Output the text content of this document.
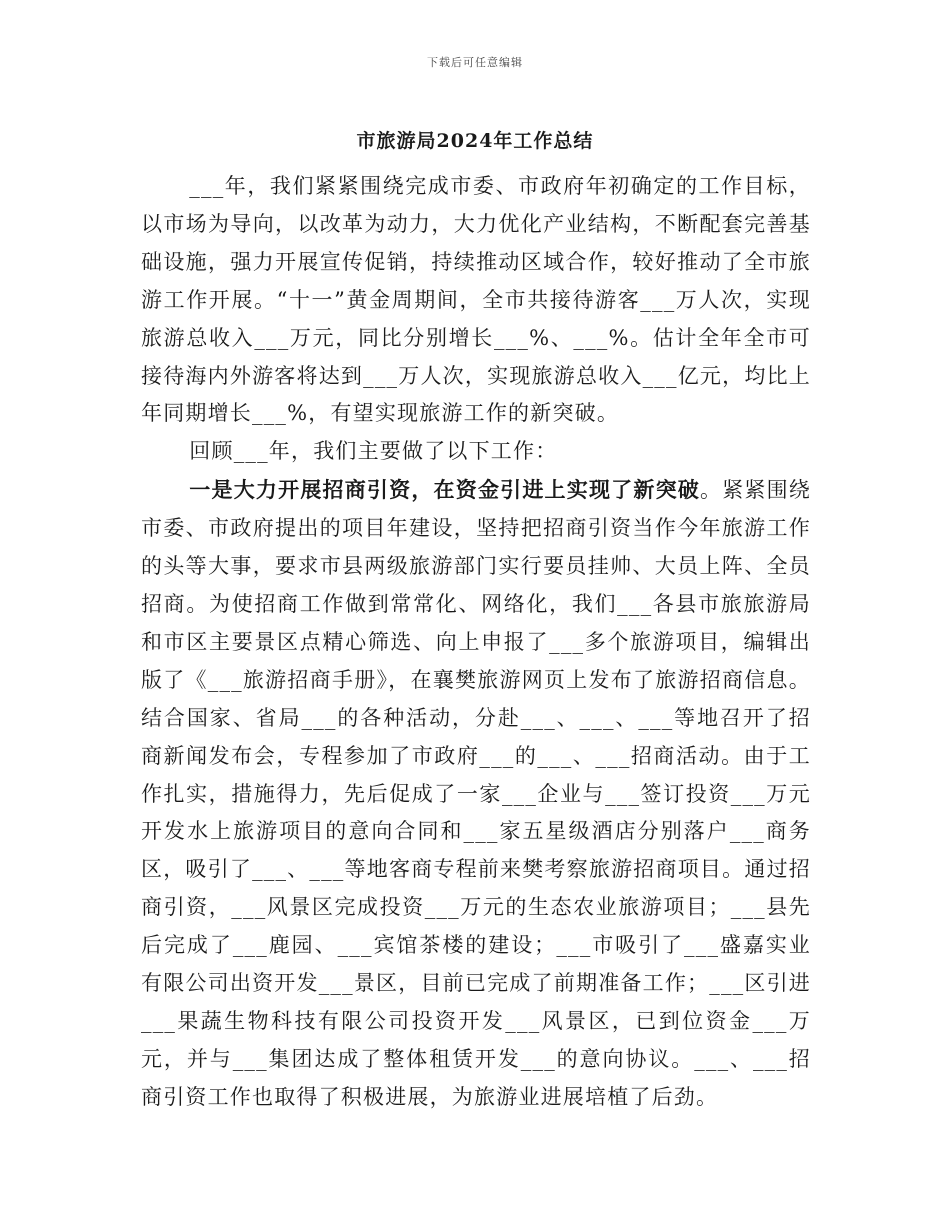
下载后可任意编辑
市旅游局2024年工作总结

___年，我们紧紧围绕完成市委、市政府年初确定的工作目标，以市场为导向，以改革为动力，大力优化产业结构，不断配套完善基础设施，强力开展宣传促销，持续推动区域合作，较好推动了全市旅游工作开展。“十一”黄金周期间，全市共接待游客___万人次，实现旅游总收入___万元，同比分别增长___%、___%。估计全年全市可接待海内外游客将达到___万人次，实现旅游总收入___亿元，均比上年同期增长___%，有望实现旅游工作的新突破。

回顾___年，我们主要做了以下工作：

一是大力开展招商引资，在资金引进上实现了新突破。紧紧围绕市委、市政府提出的项目年建设，坚持把招商引资当作今年旅游工作的头等大事，要求市县两级旅游部门实行要员挂帅、大员上阵、全员招商。为使招商工作做到常常化、网络化，我们___各县市旅旅游局和市区主要景区点精心筛选、向上申报了___多个旅游项目，编辑出版了《___旅游招商手册》，在襄樊旅游网页上发布了旅游招商信息。结合国家、省局___的各种活动，分赴___、___、___等地召开了招商新闻发布会，专程参加了市政府___的___、___招商活动。由于工作扎实，措施得力，先后促成了一家___企业与___签订投资___万元开发水上旅游项目的意向合同和___家五星级酒店分别落户___商务区，吸引了___、___等地客商专程前来樊考察旅游招商项目。通过招商引资，___风景区完成投资___万元的生态农业旅游项目；___县先后完成了___鹿园、___宾馆茶楼的建设；___市吸引了___盛嘉实业有限公司出资开发___景区，目前已完成了前期准备工作；___区引进___果蔬生物科技有限公司投资开发___风景区，已到位资金___万元，并与___集团达成了整体租赁开发___的意向协议。___、___招商引资工作也取得了积极进展，为旅游业进展培植了后劲。
